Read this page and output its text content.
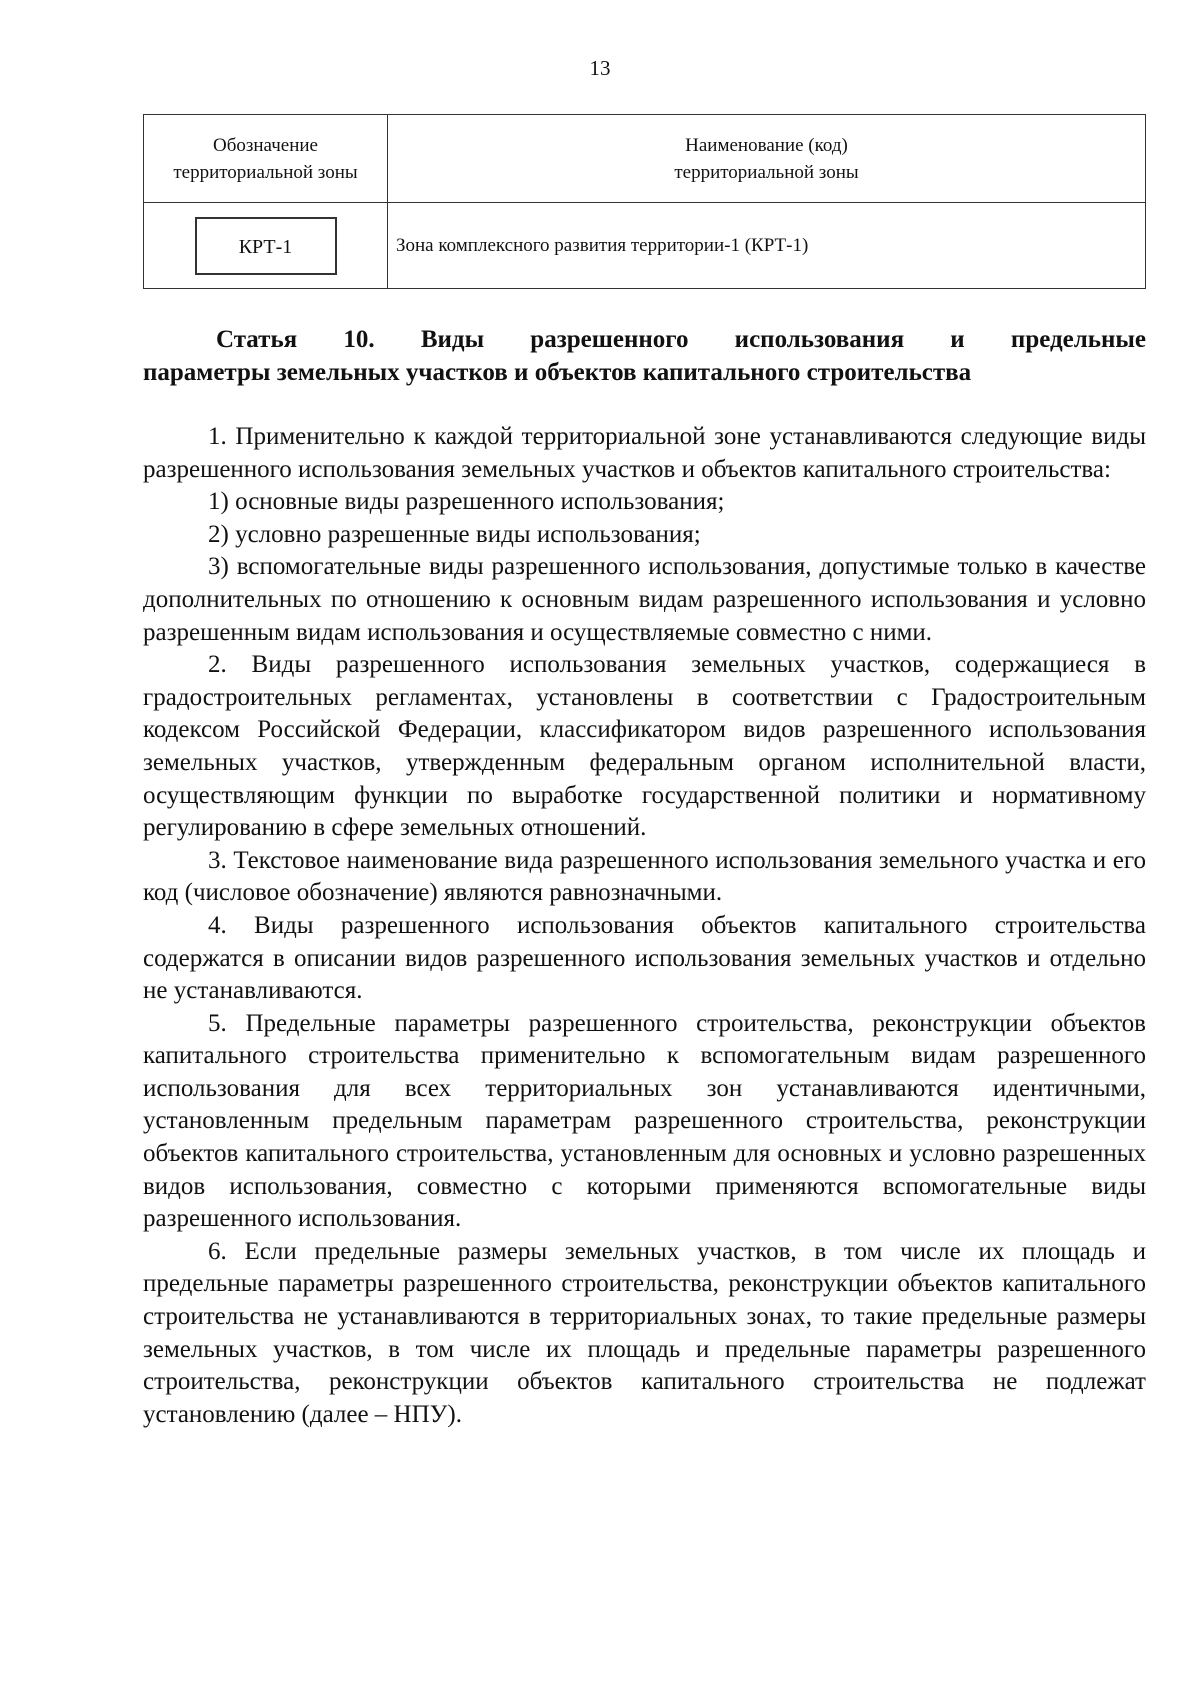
13
Обозначение территориальной зоны	Наименование (код)
территориальной зоны

КРТ-1	Зона комплексного развития территории-1 (КРТ-1)
Статья 10. Виды разрешенного использования и предельные
параметры земельных участков и объектов капитального строительства

1. Применительно к каждой территориальной зоне устанавливаются следующие виды разрешенного использования земельных участков и объектов капитального строительства:

1) основные виды разрешенного использования;

2) условно разрешенные виды использования;

3) вспомогательные виды разрешенного использования, допустимые только в качестве дополнительных по отношению к основным видам разрешенного использования и условно разрешенным видам использования и осуществляемые совместно с ними.

2. Виды разрешенного использования земельных участков, содержащиеся в градостроительных регламентах, установлены в соответствии с Градостроительным кодексом Российской Федерации, классификатором видов разрешенного использования земельных участков, утвержденным федеральным органом исполнительной власти, осуществляющим функции по выработке государственной политики и нормативному регулированию в сфере земельных отношений.

3. Текстовое наименование вида разрешенного использования земельного участка и его код (числовое обозначение) являются равнозначными.

4. Виды разрешенного использования объектов капитального строительства содержатся в описании видов разрешенного использования земельных участков и отдельно не устанавливаются.

5. Предельные параметры разрешенного строительства, реконструкции объектов капитального строительства применительно к вспомогательным видам разрешенного использования для всех территориальных зон устанавливаются идентичными, установленным предельным параметрам разрешенного строительства, реконструкции объектов капитального строительства, установленным для основных и условно разрешенных видов использования, совместно с которыми применяются вспомогательные виды разрешенного использования.

6. Если предельные размеры земельных участков, в том числе их площадь и предельные параметры разрешенного строительства, реконструкции объектов капитального строительства не устанавливаются в территориальных зонах, то такие предельные размеры земельных участков, в том числе их площадь и предельные параметры разрешенного строительства, реконструкции объектов капитального строительства не подлежат установлению (далее – НПУ).
